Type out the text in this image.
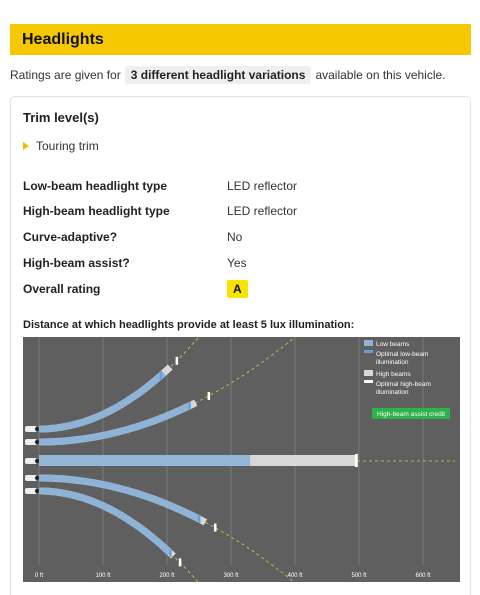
Headlights
Ratings are given for 3 different headlight variations available on this vehicle.
Trim level(s)
Touring trim
Low-beam headlight type	LED reflector
High-beam headlight type	LED reflector
Curve-adaptive?	No
High-beam assist?	Yes
Overall rating	A
Distance at which headlights provide at least 5 lux illumination:
0 ft	100 ft	200 ft	300 ft	400 ft	500 ft	600 ft
Low beams
Optimal low-beam illumination
High beams
Optimal high-beam illumination
High-beam assist credit
